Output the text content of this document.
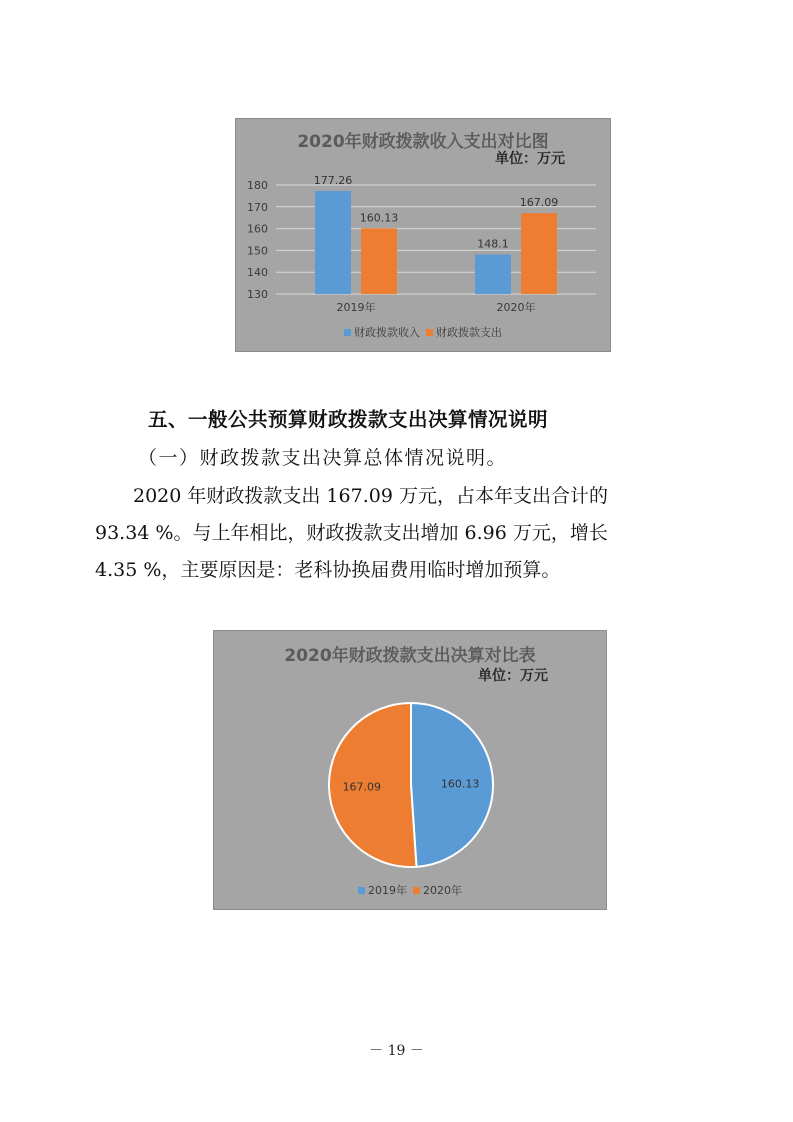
2020年财政拨款收入支出对比图
单位：万元
130
140
150
160
170
180	177.26
160.13
2019年
148.1
167.09
2020年
财政拨款收入 财政拨款支出
五、一般公共预算财政拨款支出决算情况说明
（一）财政拨款支出决算总体情况说明。
2020 年财政拨款支出 167.09 万元，占本年支出合计的
93.34 %。与上年相比，财政拨款支出增加 6.96 万元，增长
4.35 %，主要原因是：老科协换届费用临时增加预算。
2020年财政拨款支出决算对比表
单位：万元
160.13
167.09
2019年 2020年
－ 19 －
